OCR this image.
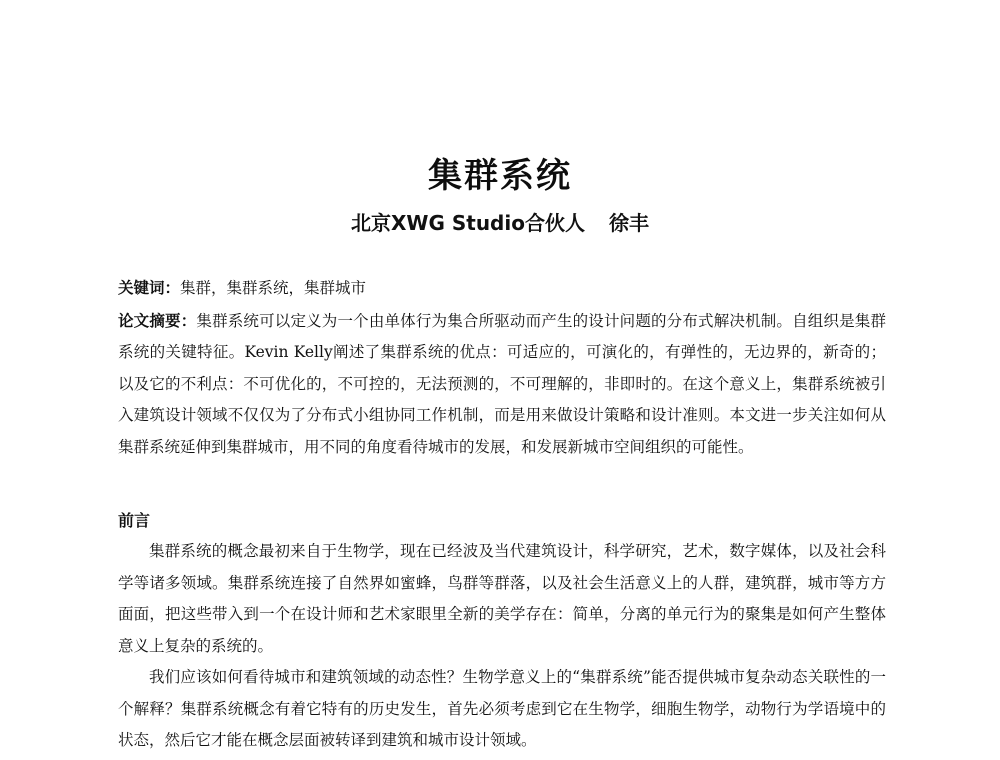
集群系统
北京XWG Studio合伙人 徐丰

关键词：集群，集群系统，集群城市

论文摘要：集群系统可以定义为一个由单体行为集合所驱动而产生的设计问题的分布式解决机制。自组织是集群系统的关键特征。Kevin Kelly阐述了集群系统的优点：可适应的，可演化的，有弹性的，无边界的，新奇的；以及它的不利点：不可优化的，不可控的，无法预测的，不可理解的，非即时的。在这个意义上，集群系统被引入建筑设计领域不仅仅为了分布式小组协同工作机制，而是用来做设计策略和设计准则。本文进一步关注如何从集群系统延伸到集群城市，用不同的角度看待城市的发展，和发展新城市空间组织的可能性。

前言

集群系统的概念最初来自于生物学，现在已经波及当代建筑设计，科学研究，艺术，数字媒体，以及社会科学等诸多领域。集群系统连接了自然界如蜜蜂，鸟群等群落，以及社会生活意义上的人群，建筑群，城市等方方面面，把这些带入到一个在设计师和艺术家眼里全新的美学存在：简单，分离的单元行为的聚集是如何产生整体意义上复杂的系统的。

我们应该如何看待城市和建筑领域的动态性？生物学意义上的“集群系统”能否提供城市复杂动态关联性的一个解释？集群系统概念有着它特有的历史发生，首先必须考虑到它在生物学，细胞生物学，动物行为学语境中的状态，然后它才能在概念层面被转译到建筑和城市设计领域。
